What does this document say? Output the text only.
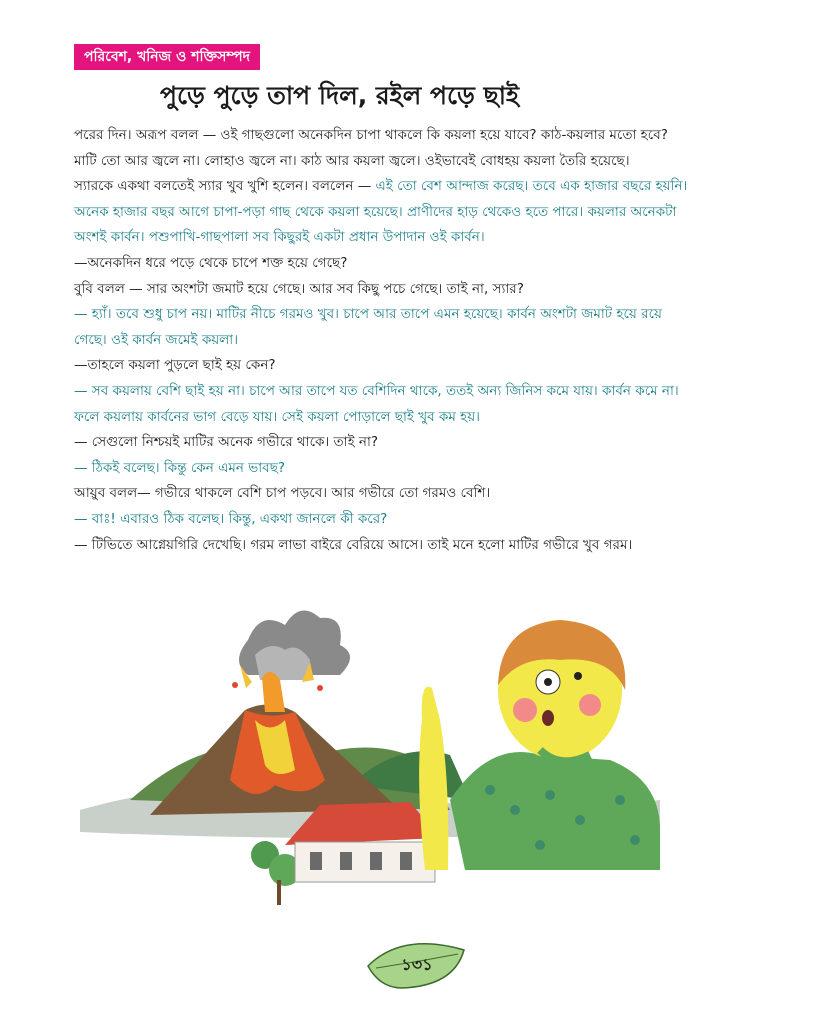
পরিবেশ, খনিজ ও শক্তিসম্পদ
পুড়ে পুড়ে তাপ দিল, রইল পড়ে ছাই
পরের দিন। অরূপ বলল — ওই গাছগুলো অনেকদিন চাপা থাকলে কি কয়লা হয়ে যাবে? কাঠ-কয়লার মতো হবে?
মাটি তো আর জ্বলে না। লোহাও জ্বলে না। কাঠ আর কয়লা জ্বলে। ওইভাবেই বোধহয় কয়লা তৈরি হয়েছে।
স্যারকে একথা বলতেই স্যার খুব খুশি হলেন। বললেন — এই তো বেশ আন্দাজ করেছ। তবে এক হাজার বছরে হয়নি।
অনেক হাজার বছর আগে চাপা-পড়া গাছ থেকে কয়লা হয়েছে। প্রাণীদের হাড় থেকেও হতে পারে। কয়লার অনেকটা
অংশই কার্বন। পশুপাখি-গাছপালা সব কিছুরই একটা প্রধান উপাদান ওই কার্বন।
—অনেকদিন ধরে পড়ে থেকে চাপে শক্ত হয়ে গেছে?
বুবি বলল — সার অংশটা জমাট হয়ে গেছে। আর সব কিছু পচে গেছে। তাই না, স্যার?
— হ্যাঁ। তবে শুধু চাপ নয়। মাটির নীচে গরমও খুব। চাপে আর তাপে এমন হয়েছে। কার্বন অংশটা জমাট হয়ে রয়ে
গেছে। ওই কার্বন জমেই কয়লা।
—তাহলে কয়লা পুড়লে ছাই হয় কেন?
— সব কয়লায় বেশি ছাই হয় না। চাপে আর তাপে যত বেশিদিন থাকে, ততই অন্য জিনিস কমে যায়। কার্বন কমে না।
ফলে কয়লায় কার্বনের ভাগ বেড়ে যায়। সেই কয়লা পোড়ালে ছাই খুব কম হয়।
— সেগুলো নিশ্চয়ই মাটির অনেক গভীরে থাকে। তাই না?
— ঠিকই বলেছ। কিন্তু কেন এমন ভাবছ?
আয়ুব বলল— গভীরে থাকলে বেশি চাপ পড়বে। আর গভীরে তো গরমও বেশি।
— বাঃ! এবারও ঠিক বলেছ। কিন্তু, একথা জানলে কী করে?
— টিভিতে আগ্নেয়গিরি দেখেছি। গরম লাভা বাইরে বেরিয়ে আসে। তাই মনে হলো মাটির গভীরে খুব গরম।
১৩১
